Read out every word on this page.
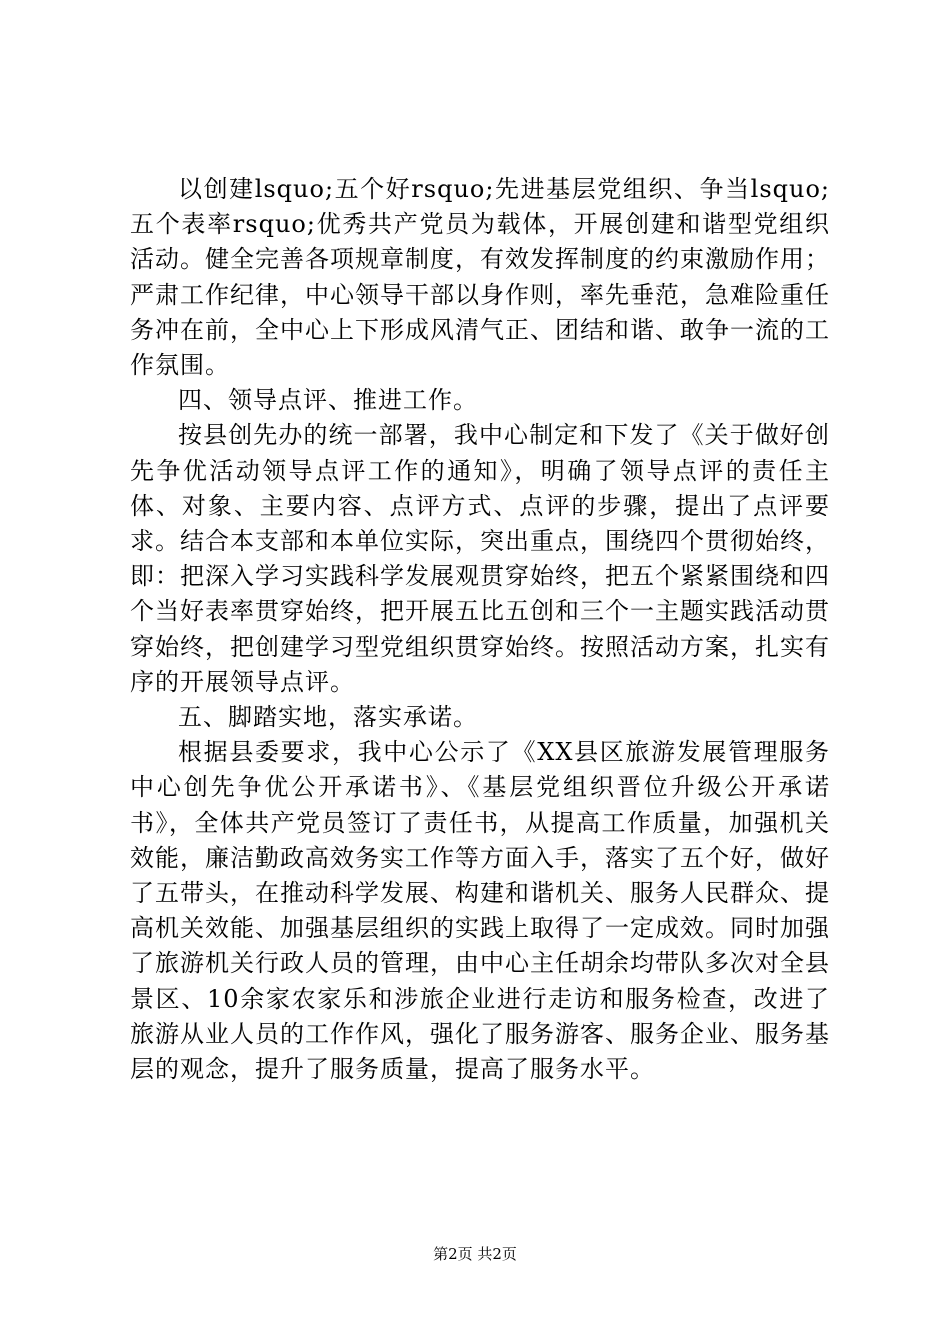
以创建lsquo;五个好rsquo;先进基层党组织、争当lsquo;五个表率rsquo;优秀共产党员为载体，开展创建和谐型党组织活动。健全完善各项规章制度，有效发挥制度的约束激励作用；严肃工作纪律，中心领导干部以身作则，率先垂范，急难险重任务冲在前，全中心上下形成风清气正、团结和谐、敢争一流的工作氛围。

四、领导点评、推进工作。

按县创先办的统一部署，我中心制定和下发了《关于做好创先争优活动领导点评工作的通知》，明确了领导点评的责任主体、对象、主要内容、点评方式、点评的步骤，提出了点评要求。结合本支部和本单位实际，突出重点，围绕四个贯彻始终，即：把深入学习实践科学发展观贯穿始终，把五个紧紧围绕和四个当好表率贯穿始终，把开展五比五创和三个一主题实践活动贯穿始终，把创建学习型党组织贯穿始终。按照活动方案，扎实有序的开展领导点评。

五、脚踏实地，落实承诺。

根据县委要求，我中心公示了《XX县区旅游发展管理服务中心创先争优公开承诺书》、《基层党组织晋位升级公开承诺书》，全体共产党员签订了责任书，从提高工作质量，加强机关效能，廉洁勤政高效务实工作等方面入手，落实了五个好，做好了五带头，在推动科学发展、构建和谐机关、服务人民群众、提高机关效能、加强基层组织的实践上取得了一定成效。同时加强了旅游机关行政人员的管理，由中心主任胡余均带队多次对全县景区、10余家农家乐和涉旅企业进行走访和服务检查，改进了旅游从业人员的工作作风，强化了服务游客、服务企业、服务基层的观念，提升了服务质量，提高了服务水平。

第2页 共2页
